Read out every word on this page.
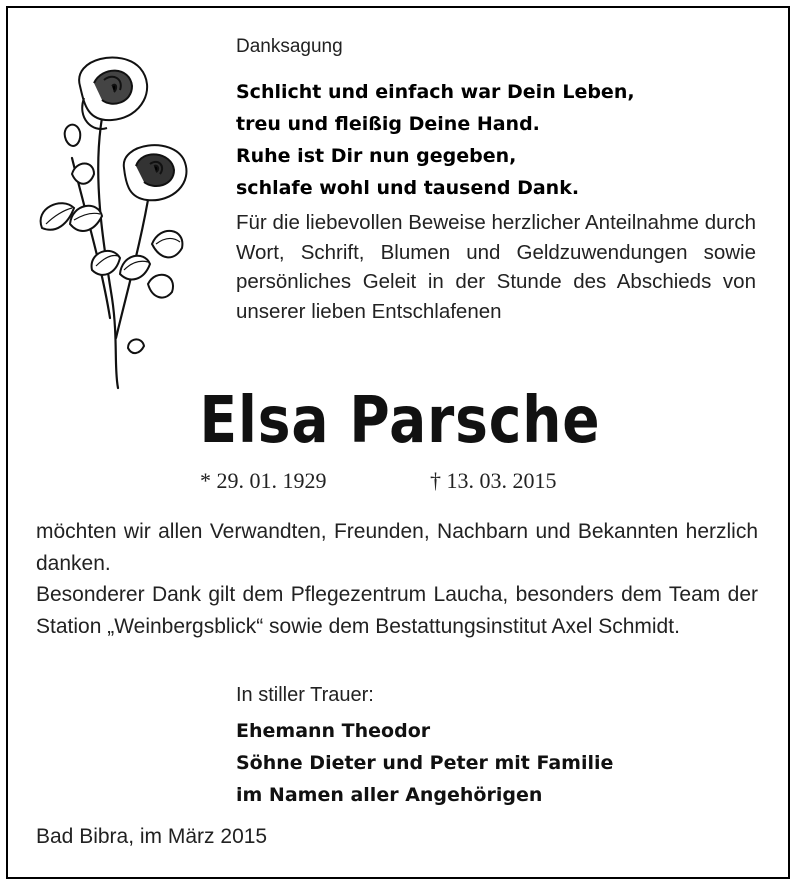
Danksagung
Schlicht und einfach war Dein Leben,
treu und fleißig Deine Hand.
Ruhe ist Dir nun gegeben,
schlafe wohl und tausend Dank.
Für die liebevollen Beweise herzlicher Anteilnahme durch Wort, Schrift, Blumen und Geldzuwendungen sowie persönliches Geleit in der Stunde des Abschieds von unserer lieben Entschlafenen
Elsa Parsche
* 29. 01. 1929	† 13. 03. 2015

möchten wir allen Verwandten, Freunden, Nachbarn und Bekannten herzlich danken.

Besonderer Dank gilt dem Pflegezentrum Laucha, besonders dem Team der Station „Weinbergsblick“ sowie dem Bestattungsinstitut Axel Schmidt.

In stiller Trauer:
Ehemann Theodor
Söhne Dieter und Peter mit Familie
im Namen aller Angehörigen
Bad Bibra, im März 2015
